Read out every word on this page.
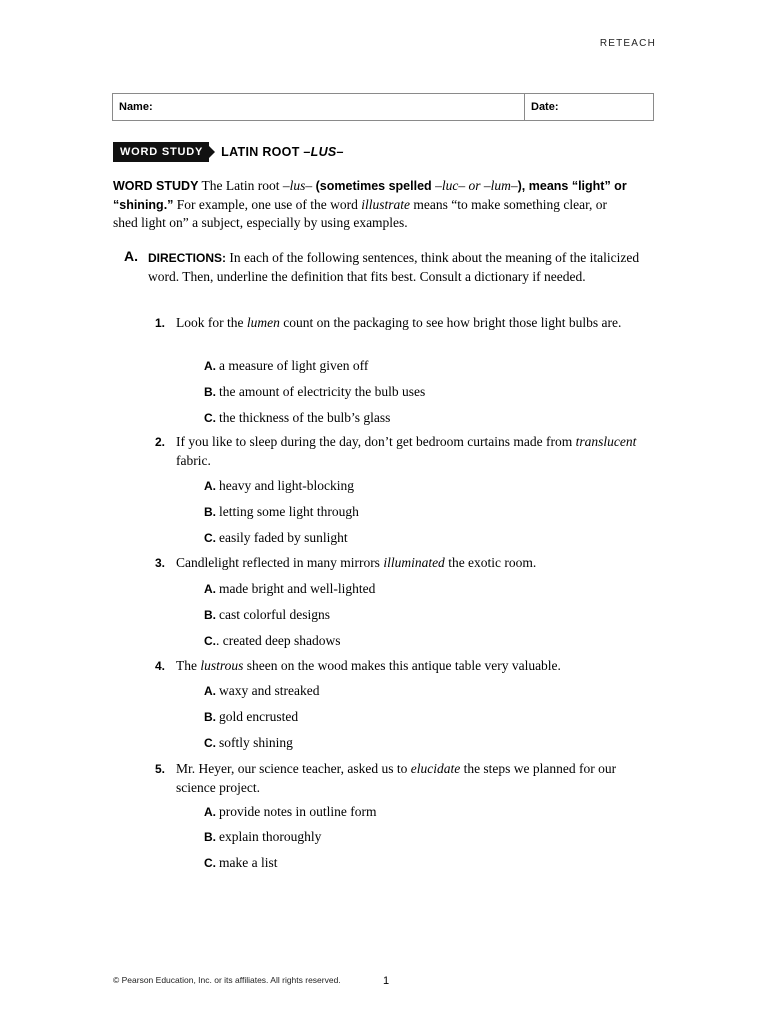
RETEACH
Name:	Date:
WORD STUDY	LATIN ROOT –LUS–
WORD STUDY The Latin root –lus– (sometimes spelled –luc– or –lum–), means “light” or “shining.” For example, one use of the word illustrate means “to make something clear, or shed light on” a subject, especially by using examples.
A. DIRECTIONS: In each of the following sentences, think about the meaning of the italicized word. Then, underline the definition that fits best. Consult a dictionary if needed.
1. Look for the lumen count on the packaging to see how bright those light bulbs are.
A. a measure of light given off
B. the amount of electricity the bulb uses
C. the thickness of the bulb’s glass
2. If you like to sleep during the day, don’t get bedroom curtains made from translucent fabric.
A. heavy and light-blocking
B. letting some light through
C. easily faded by sunlight
3. Candlelight reflected in many mirrors illuminated the exotic room.
A. made bright and well-lighted
B. cast colorful designs
C.. created deep shadows
4. The lustrous sheen on the wood makes this antique table very valuable.
A. waxy and streaked
B. gold encrusted
C. softly shining
5. Mr. Heyer, our science teacher, asked us to elucidate the steps we planned for our science project.
A. provide notes in outline form
B. explain thoroughly
C. make a list
© Pearson Education, Inc. or its affiliates. All rights reserved.	1
